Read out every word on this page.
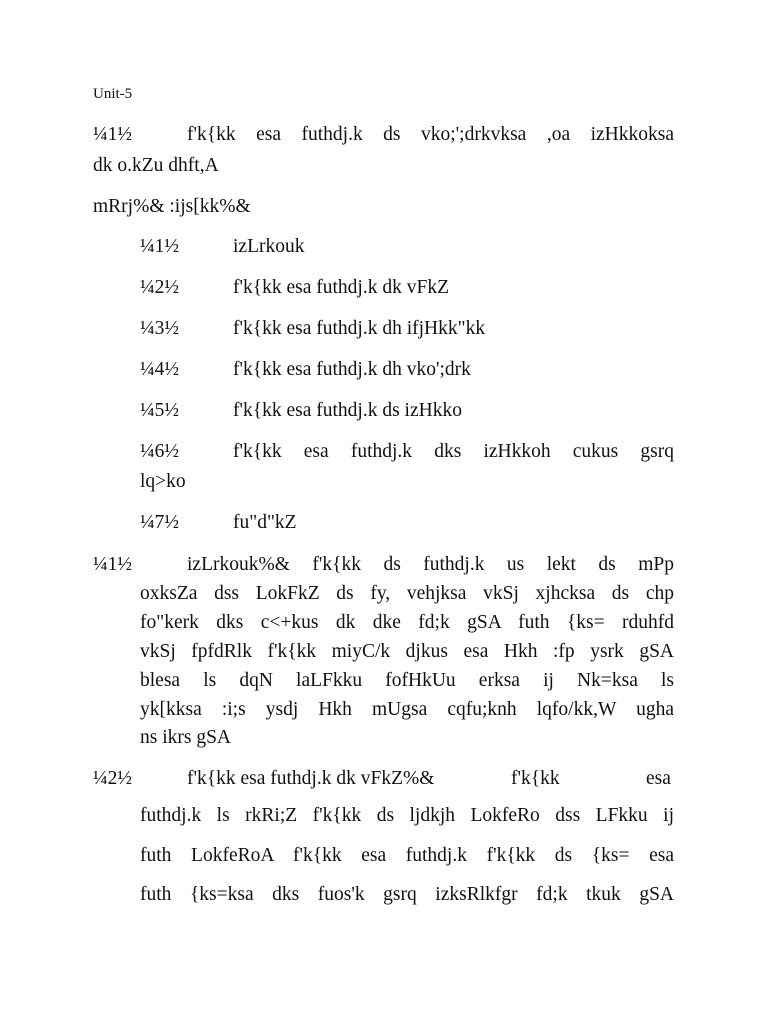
Unit-5
¼1½	f'k{kk esa futhdj.k ds vko;';drkvksa ,oa izHkkoksa
dk o.kZu dhft,A
mRrj%& :ijs[kk%&
¼1½	izLrkouk
¼2½	f'k{kk esa futhdj.k dk vFkZ
¼3½	f'k{kk esa futhdj.k dh ifjHkk"kk
¼4½	f'k{kk esa futhdj.k dh vko';drk
¼5½	f'k{kk esa futhdj.k ds izHkko
¼6½	f'k{kk esa futhdj.k dks izHkkoh cukus gsrq
lq>ko
¼7½	fu"d"kZ
¼1½	izLrkouk%& f'k{kk ds futhdj.k us lekt ds mPp
oxksZa dss LokFkZ ds fy, vehjksa vkSj xjhcksa ds chp
fo"kerk dks c<+kus dk dke fd;k gSA futh {ks= rduhfd
vkSj fpfdRlk f'k{kk miyC/k djkus esa Hkh :fp ysrk gSA
blesa ls dqN laLFkku fofHkUu erksa ij Nk=ksa ls
yk[kksa :i;s ysdj Hkh mUgsa cqfu;knh lqfo/kk,W ugha
ns ikrs gSA
¼2½	f'k{kk esa futhdj.k dk vFkZ%&	f'k{kk	esa
futhdj.k ls rkRi;Z f'k{kk ds ljdkjh LokfeRo dss LFkku ij
futh LokfeRoA f'k{kk esa futhdj.k f'k{kk ds {ks= esa
futh {ks=ksa dks fuos'k gsrq izksRlkfgr fd;k tkuk gSA
